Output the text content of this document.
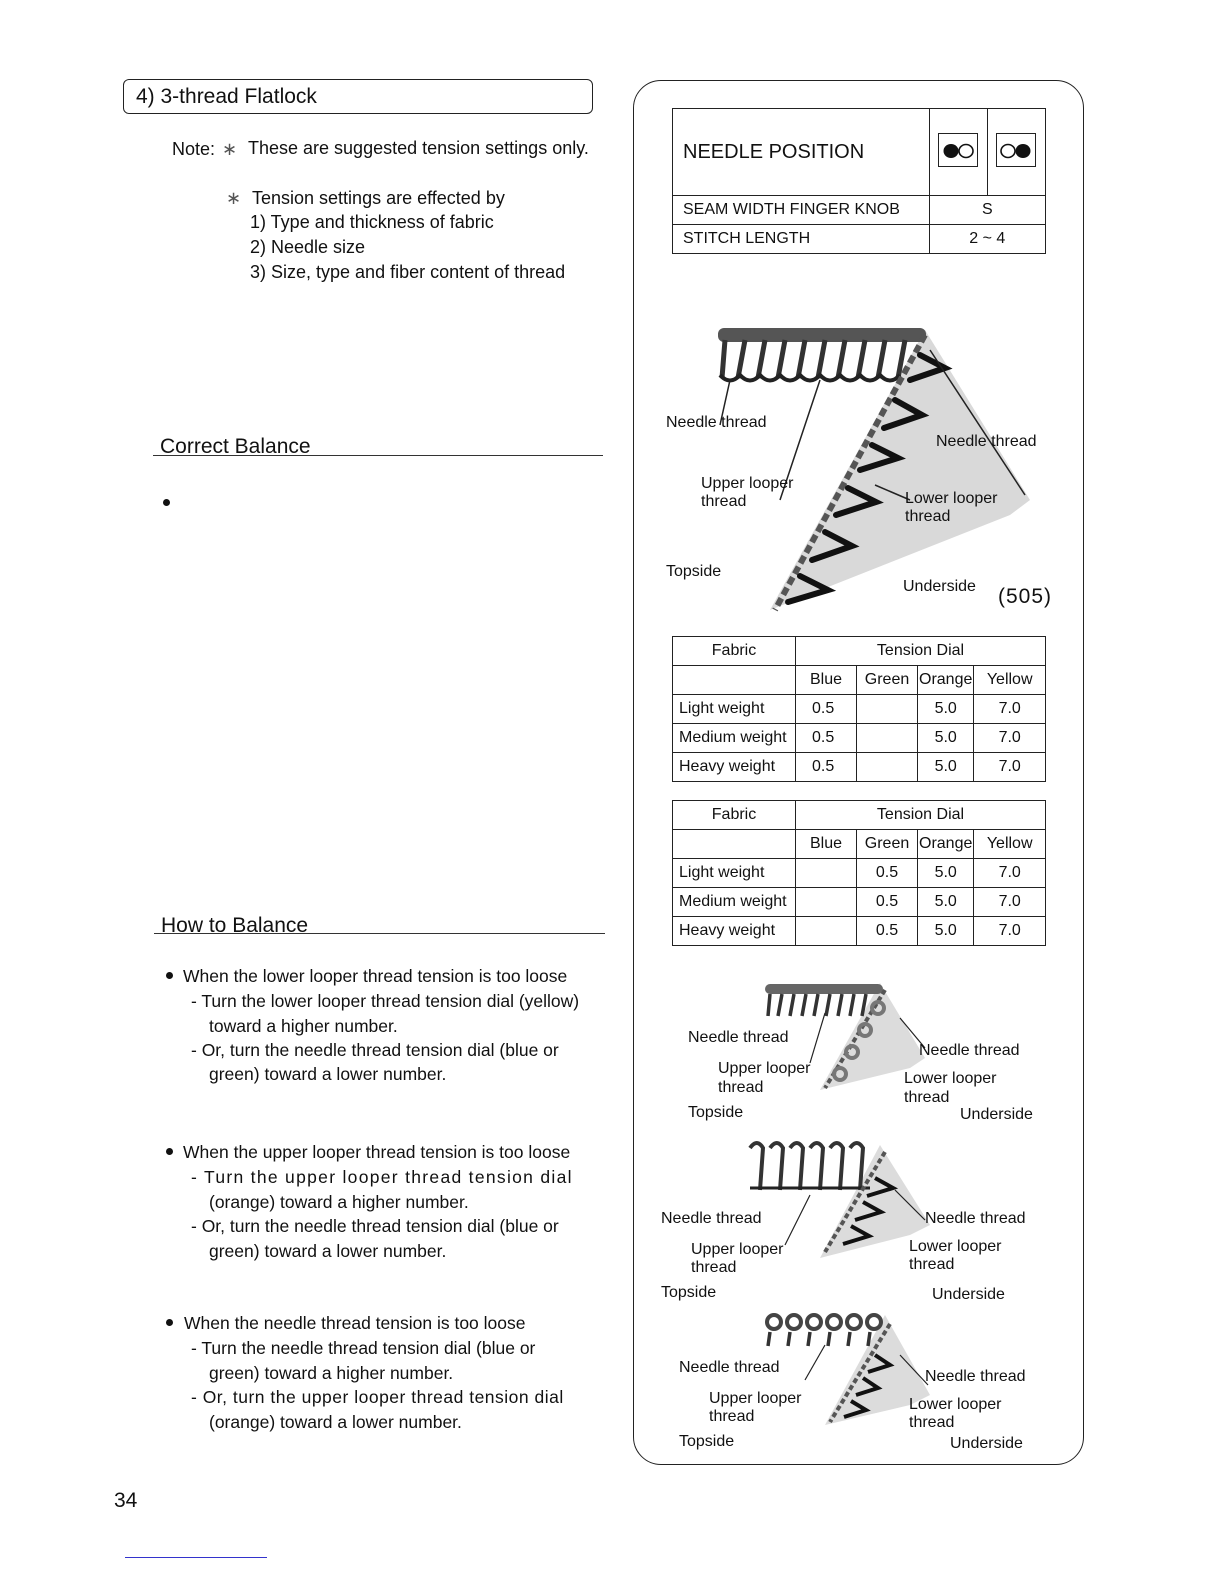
4) 3-thread Flatlock
Note: ∗ These are suggested tension settings only.
∗ Tension settings are effected by
1) Type and thickness of fabric
2) Needle size
3) Size, type and fiber content of thread
Correct Balance
How to Balance
When the lower looper thread tension is too loose
- Turn the lower looper thread tension dial (yellow)
toward a higher number.
- Or, turn the needle thread tension dial (blue or
green) toward a lower number.
When the upper looper thread tension is too loose
- Turn the upper looper thread tension dial
(orange) toward a higher number.
- Or, turn the needle thread tension dial (blue or
green) toward a lower number.
When the needle thread tension is too loose
- Turn the needle thread tension dial (blue or
green) toward a higher number.
- Or, turn the upper looper thread tension dial
(orange) toward a lower number.
34
NEEDLE POSITION		
SEAM WIDTH FINGER KNOB	S	
STITCH LENGTH	2 ~ 4	
Needle thread
Needle thread
Upper looper
thread	Lower looper
thread
Topside
Underside (505)
Fabric	Tension Dial			
	Blue	Green	Orange	Yellow
Light weight	0.5		5.0	7.0
Medium weight	0.5		5.0	7.0
Heavy weight	0.5		5.0	7.0
Fabric	Tension Dial			
	Blue	Green	Orange	Yellow
Light weight		0.5	5.0	7.0
Medium weight		0.5	5.0	7.0
Heavy weight		0.5	5.0	7.0
Needle thread
Needle thread
Upper looper
thread
Lower looper
thread
Topside	Underside
Needle thread	Needle thread
Upper looper
thread
Lower looper
thread
Topside	Underside
Needle thread
Needle thread
Upper looper
thread
Lower looper
thread
Topside	Underside
